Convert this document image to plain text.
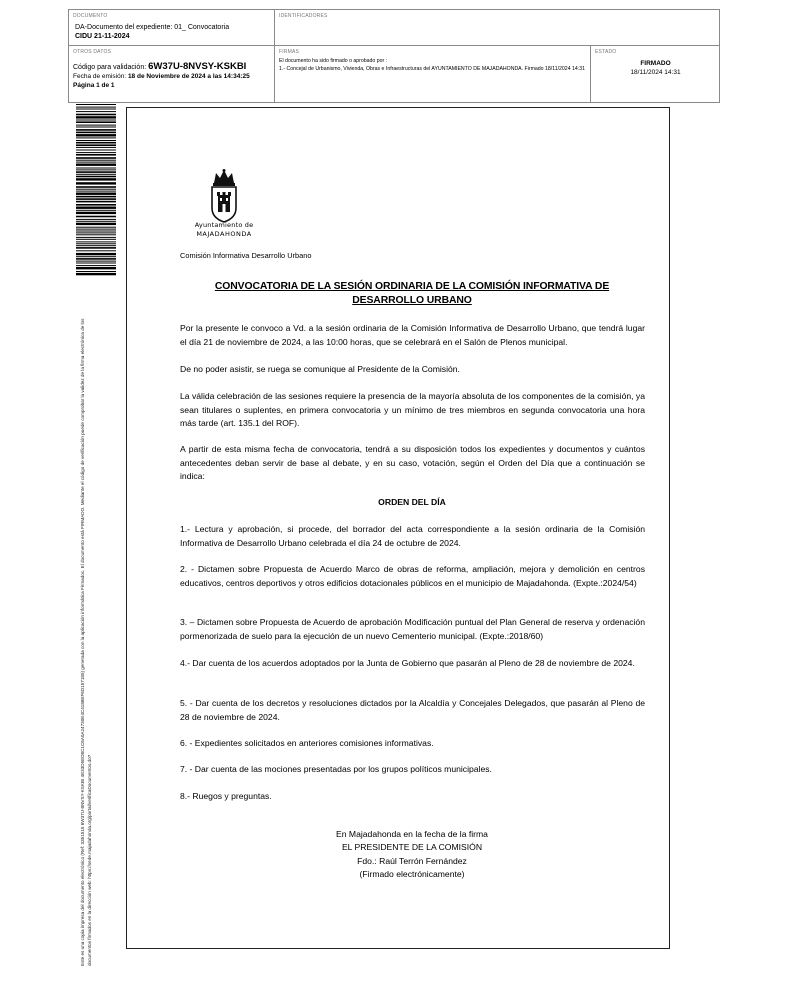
DOCUMENTO
DA-Documento del expediente: 01_ Convocatoria
CIDU 21-11-2024
IDENTIFICADORES
OTROS DATOS
Código para validación: 6W37U-8NVSY-KSKBI
Fecha de emisión: 18 de Noviembre de 2024 a las 14:34:25
Página 1 de 1
FIRMAS
El documento ha sido firmado o aprobado por :
1.- Concejal de Urbanismo, Vivienda, Obras e Infraestructuras del AYUNTAMIENTO DE MAJADAHONDA. Firmado 18/11/2024 14:31
ESTADO
FIRMADO
18/11/2024 14:31
Este es una copia impresa del documento electrónico (Ref: 3351515 6W37U-8NVSY-KSKBI 4E33D5ED8C1C6A0A24730E4C4188EF6D157185) generada con la aplicación informática Firmadoc. El documento está FIRMADO. Mediante el código de verificación puede comprobar la validez de la firma electrónica de los documentos firmados en la dirección web: https://sede.majadahonda.org/portal/verificaDocumentos.do?
Ayuntamiento de
MAJADAHONDA
Comisión Informativa Desarrollo Urbano
CONVOCATORIA DE LA SESIÓN ORDINARIA DE LA COMISIÓN INFORMATIVA DE DESARROLLO URBANO
Por la presente le convoco a Vd. a la sesión ordinaria de la Comisión Informativa de Desarrollo Urbano, que tendrá lugar el día 21 de noviembre de 2024, a las 10:00 horas, que se celebrará en el Salón de Plenos municipal.
De no poder asistir, se ruega se comunique al Presidente de la Comisión.
La válida celebración de las sesiones requiere la presencia de la mayoría absoluta de los componentes de la comisión, ya sean titulares o suplentes, en primera convocatoria y un mínimo de tres miembros en segunda convocatoria una hora más tarde (art. 135.1 del ROF).
A partir de esta misma fecha de convocatoria, tendrá a su disposición todos los expedientes y documentos y cuántos antecedentes deban servir de base al debate, y en su caso, votación, según el Orden del Día que a continuación se indica:
ORDEN DEL DÍA
1.- Lectura y aprobación, si procede, del borrador del acta correspondiente a la sesión ordinaria de la Comisión Informativa de Desarrollo Urbano celebrada el día 24 de octubre de 2024.
2. - Dictamen sobre Propuesta de Acuerdo Marco de obras de reforma, ampliación, mejora y demolición en centros educativos, centros deportivos y otros edificios dotacionales públicos en el municipio de Majadahonda. (Expte.:2024/54)
3. – Dictamen sobre Propuesta de Acuerdo de aprobación Modificación puntual del Plan General de reserva y ordenación pormenorizada de suelo para la ejecución de un nuevo Cementerio municipal. (Expte.:2018/60)
4.- Dar cuenta de los acuerdos adoptados por la Junta de Gobierno que pasarán al Pleno de 28 de noviembre de 2024.
5. - Dar cuenta de los decretos y resoluciones dictados por la Alcaldía y Concejales Delegados, que pasarán al Pleno de 28 de noviembre de 2024.
6. - Expedientes solicitados en anteriores comisiones informativas.
7. - Dar cuenta de las mociones presentadas por los grupos políticos municipales.
8.- Ruegos y preguntas.
En Majadahonda en la fecha de la firma
EL PRESIDENTE DE LA COMISIÓN
Fdo.: Raúl Terrón Fernández
(Firmado electrónicamente)
